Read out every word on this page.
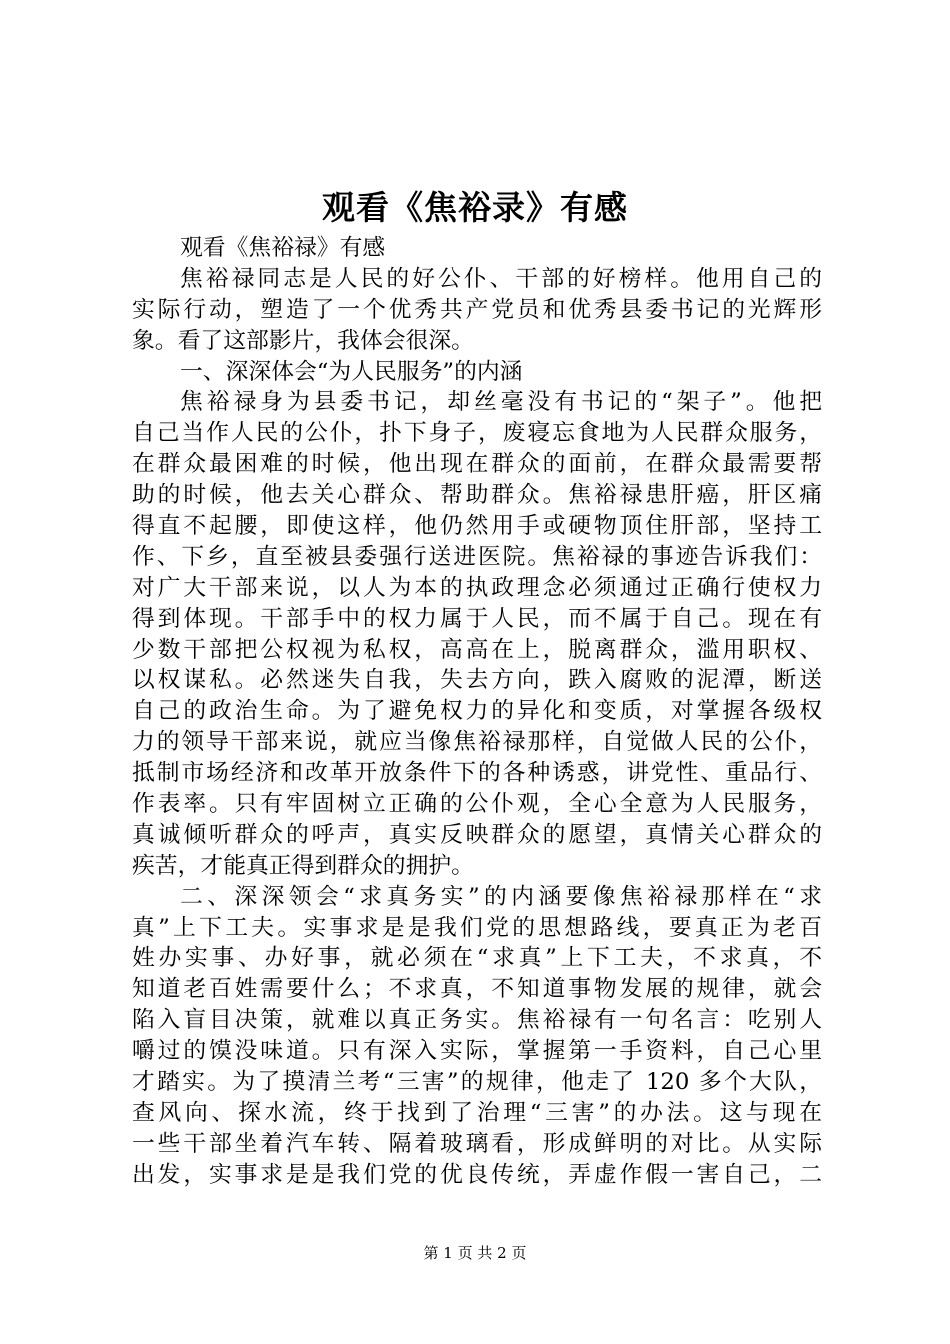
观看《焦裕录》有感
观看《焦裕禄》有感
焦裕禄同志是人民的好公仆、干部的好榜样。他用自己的
实际行动，塑造了一个优秀共产党员和优秀县委书记的光辉形
象。看了这部影片，我体会很深。
一、深深体会“为人民服务”的内涵
焦裕禄身为县委书记，却丝毫没有书记的“架子”。他把
自己当作人民的公仆，扑下身子，废寝忘食地为人民群众服务，
在群众最困难的时候，他出现在群众的面前，在群众最需要帮
助的时候，他去关心群众、帮助群众。焦裕禄患肝癌，肝区痛
得直不起腰，即使这样，他仍然用手或硬物顶住肝部，坚持工
作、下乡，直至被县委强行送进医院。焦裕禄的事迹告诉我们：
对广大干部来说，以人为本的执政理念必须通过正确行使权力
得到体现。干部手中的权力属于人民，而不属于自己。现在有
少数干部把公权视为私权，高高在上，脱离群众，滥用职权、
以权谋私。必然迷失自我，失去方向，跌入腐败的泥潭，断送
自己的政治生命。为了避免权力的异化和变质，对掌握各级权
力的领导干部来说，就应当像焦裕禄那样，自觉做人民的公仆，
抵制市场经济和改革开放条件下的各种诱惑，讲党性、重品行、
作表率。只有牢固树立正确的公仆观，全心全意为人民服务，
真诚倾听群众的呼声，真实反映群众的愿望，真情关心群众的
疾苦，才能真正得到群众的拥护。
二、深深领会“求真务实”的内涵要像焦裕禄那样在“求
真”上下工夫。实事求是是我们党的思想路线，要真正为老百
姓办实事、办好事，就必须在“求真”上下工夫，不求真，不
知道老百姓需要什么；不求真，不知道事物发展的规律，就会
陷入盲目决策，就难以真正务实。焦裕禄有一句名言：吃别人
嚼过的馍没味道。只有深入实际，掌握第一手资料，自己心里
才踏实。为了摸清兰考“三害”的规律，他走了 120 多个大队，
查风向、探水流，终于找到了治理“三害”的办法。这与现在
一些干部坐着汽车转、隔着玻璃看，形成鲜明的对比。从实际
出发，实事求是是我们党的优良传统，弄虚作假一害自己，二
第 1 页 共 2 页
